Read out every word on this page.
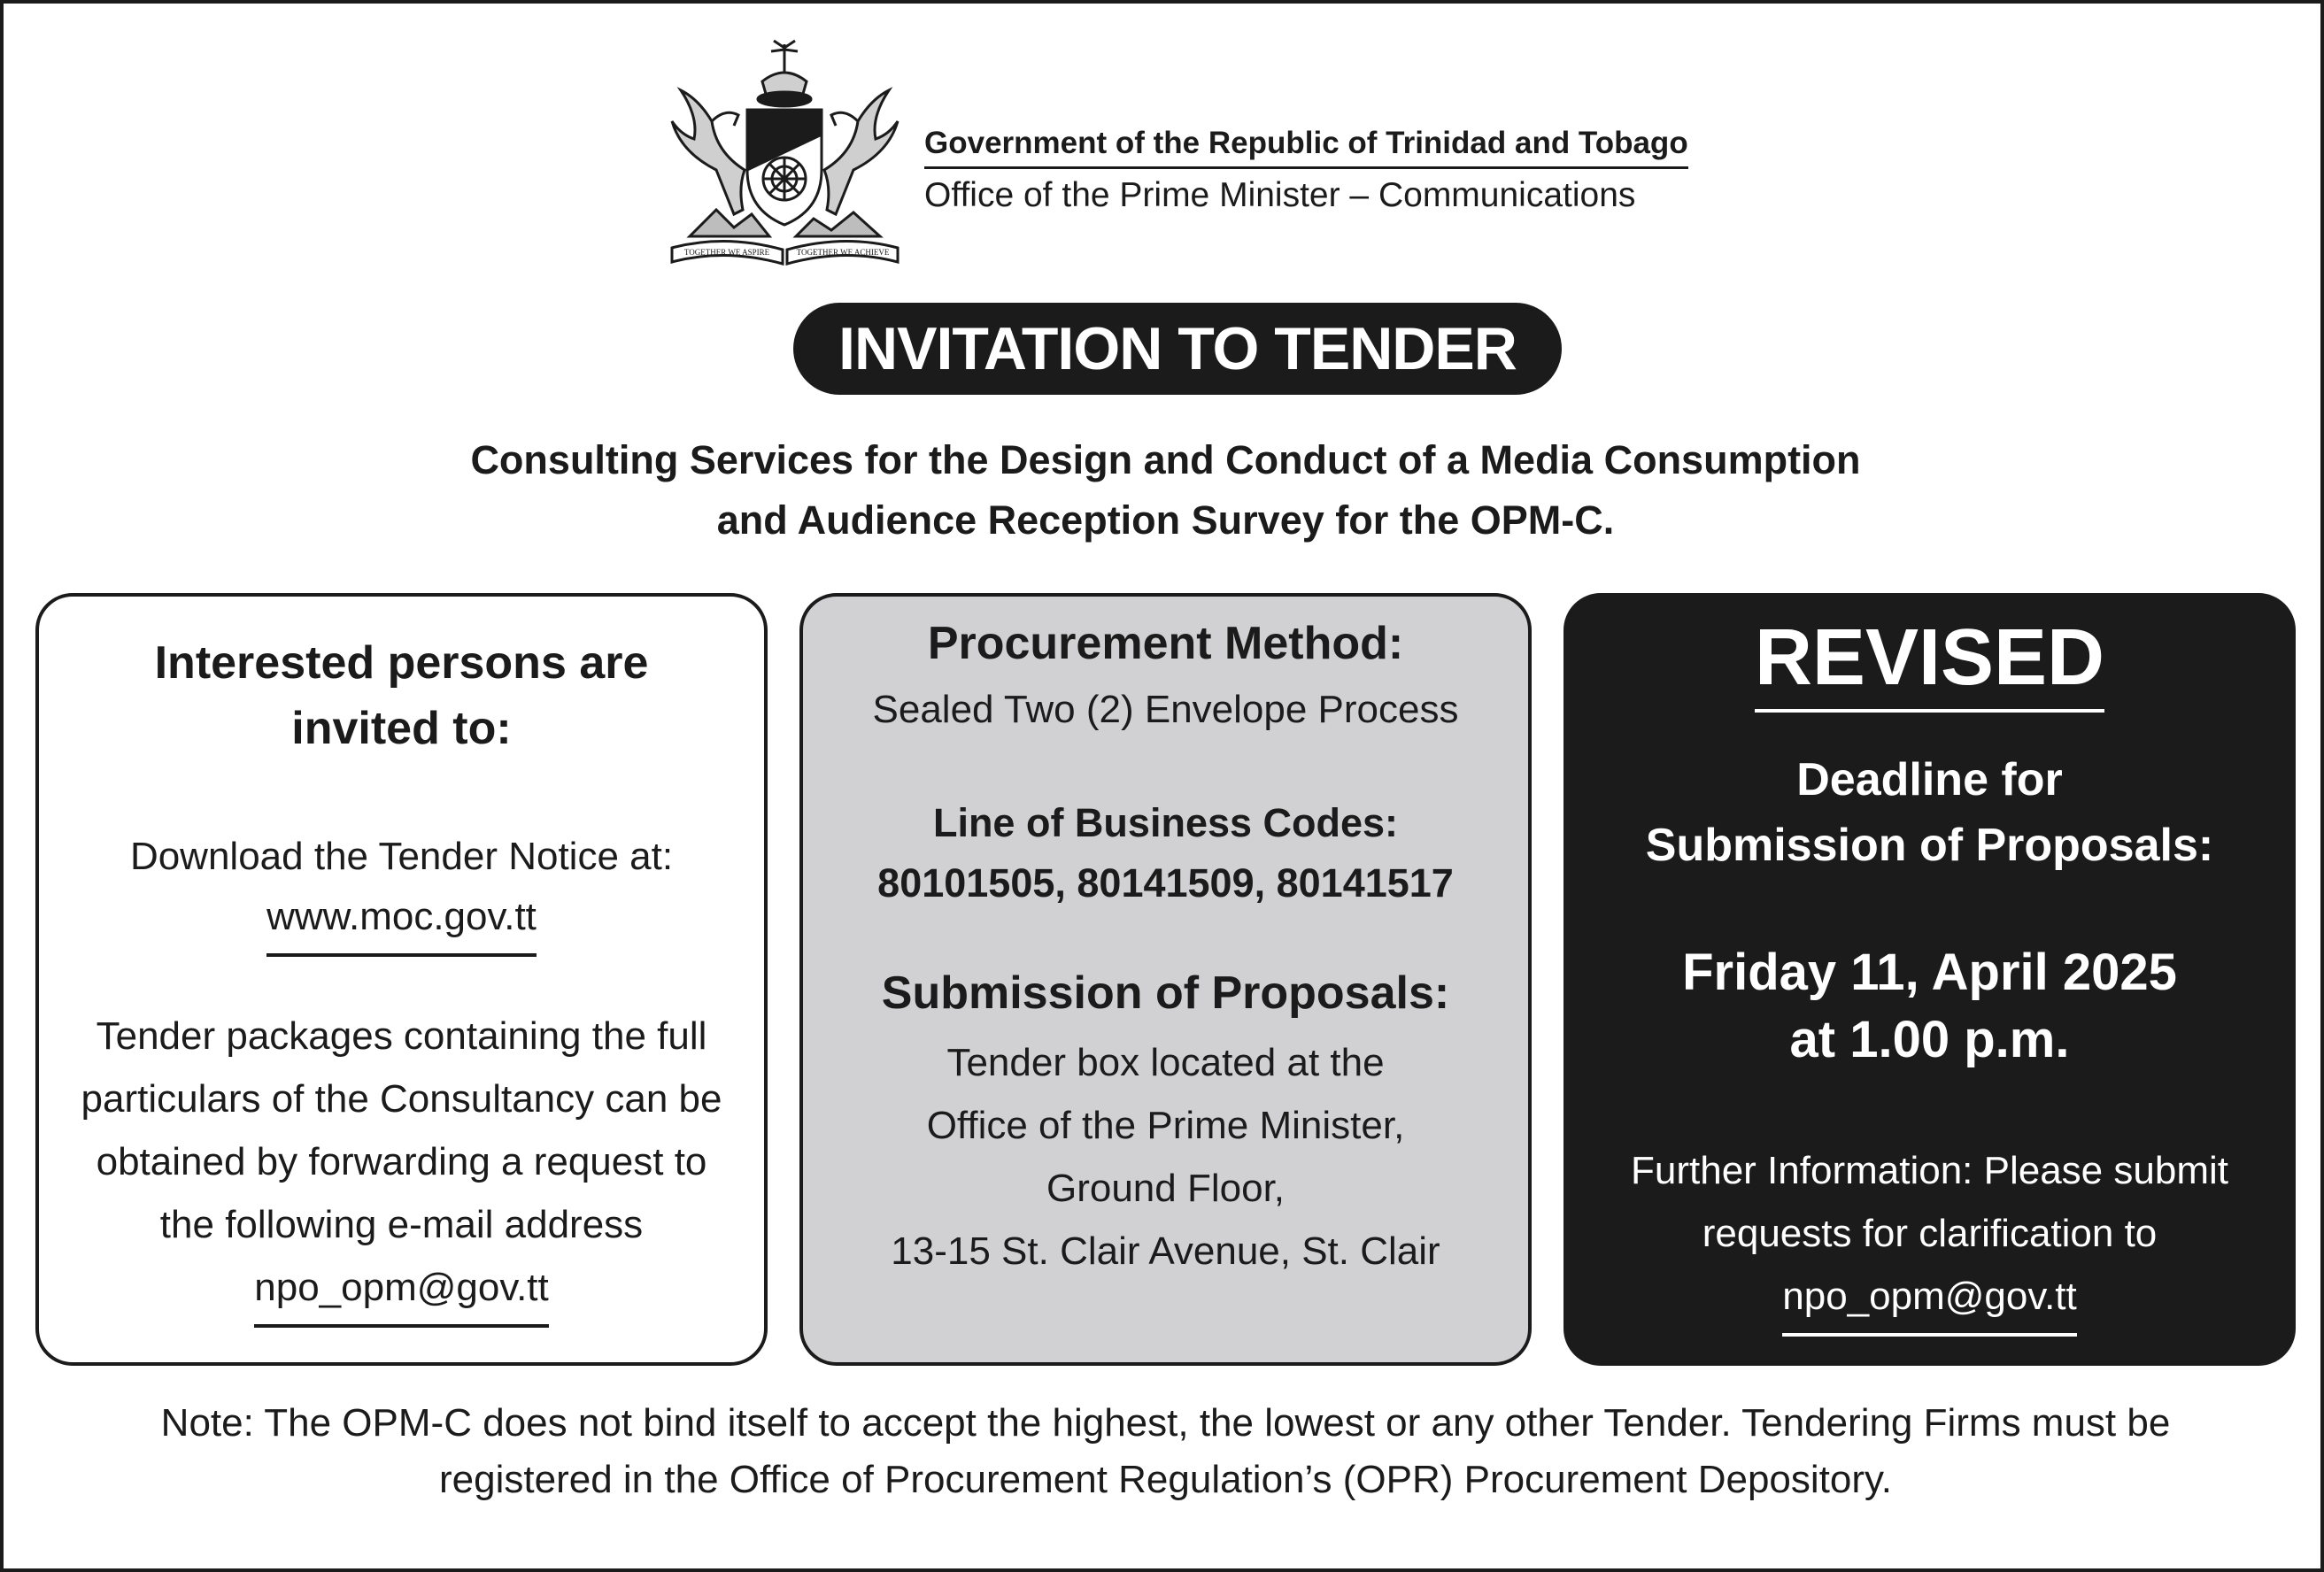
TOGETHER WE ASPIRE	TOGETHER WE ACHIEVE
Government of the Republic of Trinidad and Tobago
Office of the Prime Minister – Communications
INVITATION TO TENDER
Consulting Services for the Design and Conduct of a Media Consumption
and Audience Reception Survey for the OPM-C.
Interested persons are
invited to:
Download the Tender Notice at:
www.moc.gov.tt
Tender packages containing the full
particulars of the Consultancy can be
obtained by forwarding a request to
the following e-mail address
npo_opm@gov.tt
Procurement Method:
Sealed Two (2) Envelope Process
Line of Business Codes:
80101505, 80141509, 80141517
Submission of Proposals:
Tender box located at the
Office of the Prime Minister,
Ground Floor,
13-15 St. Clair Avenue, St. Clair
REVISED
Deadline for
Submission of Proposals:
Friday 11, April 2025
at 1.00 p.m.
Further Information: Please submit
requests for clarification to
npo_opm@gov.tt
Note: The OPM-C does not bind itself to accept the highest, the lowest or any other Tender. Tendering Firms must be
registered in the Office of Procurement Regulation’s (OPR) Procurement Depository.
